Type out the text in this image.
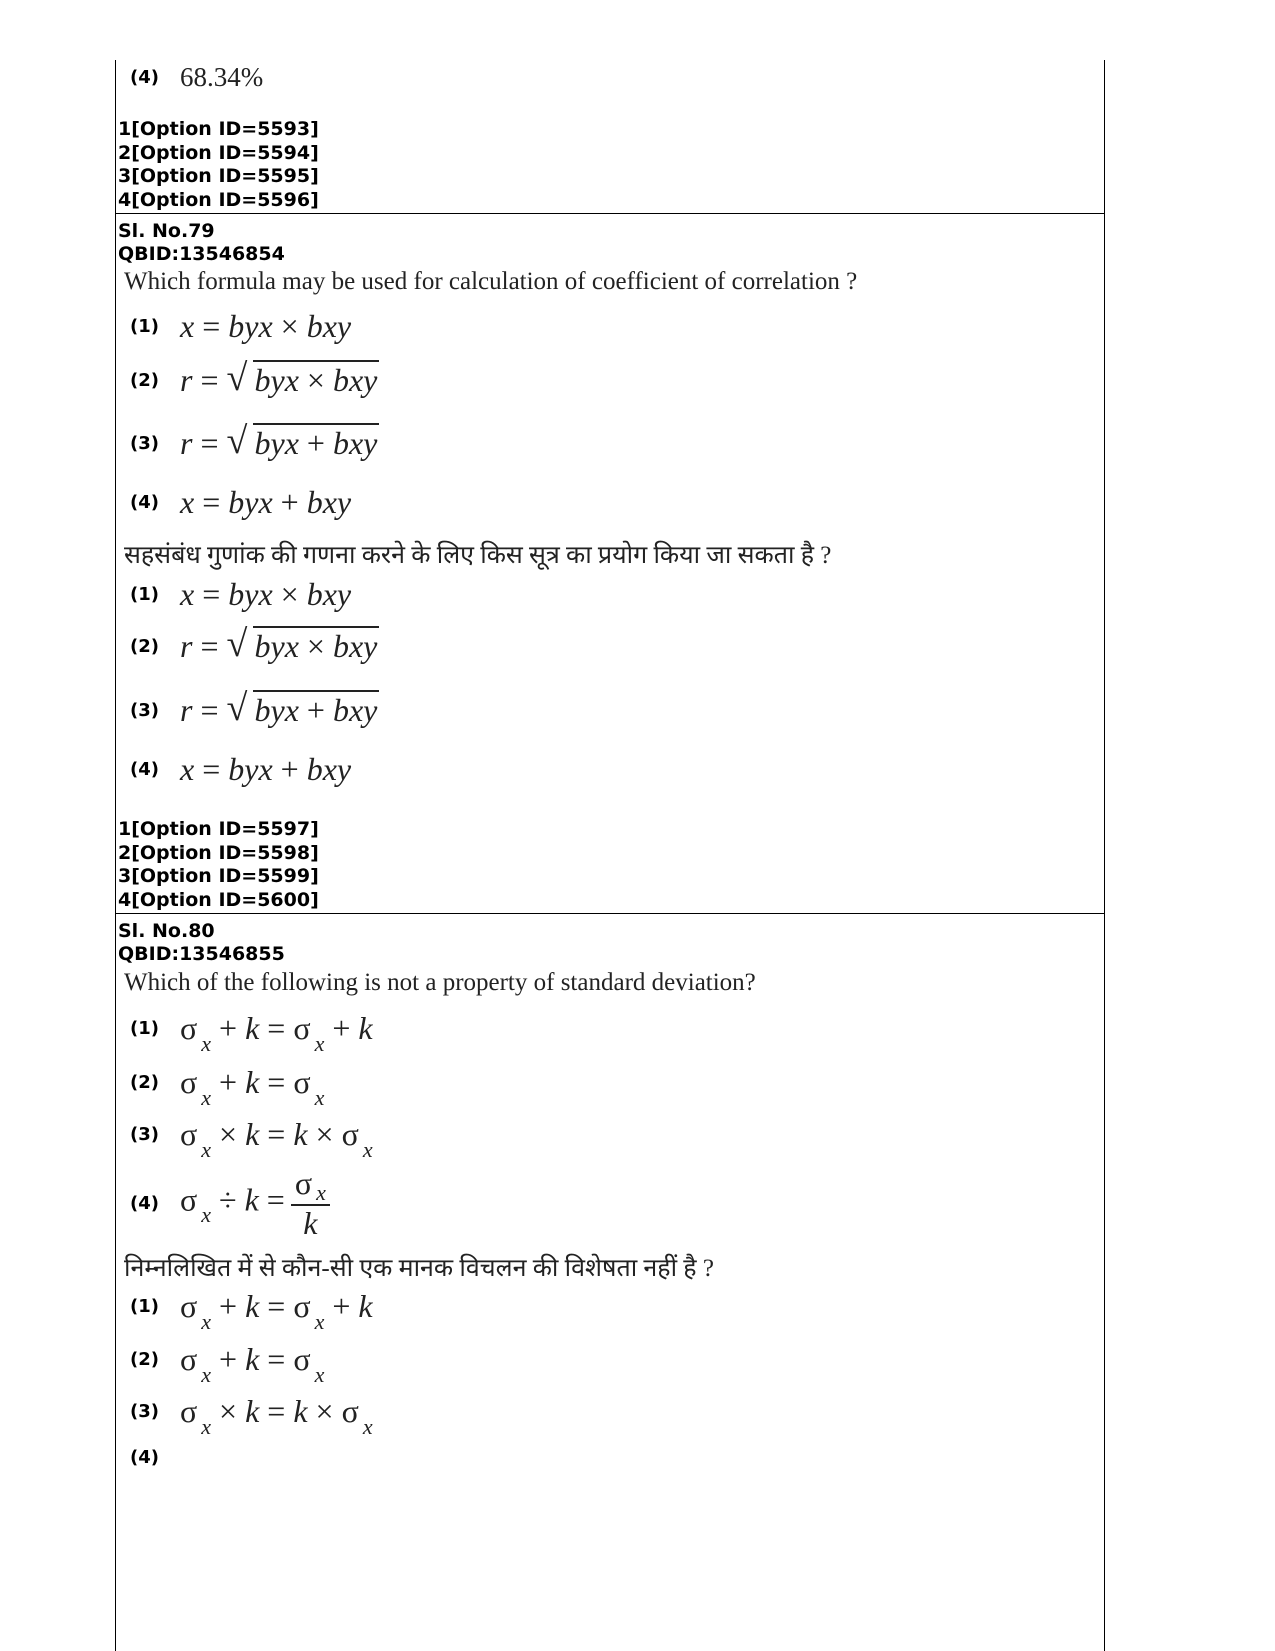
(4) 68.34%
1[Option ID=5593]
2[Option ID=5594]
3[Option ID=5595]
4[Option ID=5596]
Sl. No.79
QBID:13546854
Which formula may be used for calculation of coefficient of correlation ?
(1) x = byx × bxy
(2) r = √ byx × bxy
(3) r = √ byx + bxy
(4) x = byx + bxy
सहसंबंध गुणांक की गणना करने के लिए किस सूत्र का प्रयोग किया जा सकता है ?
(1) x = byx × bxy
(2) r = √ byx × bxy
(3) r = √ byx + bxy
(4) x = byx + bxy
1[Option ID=5597]
2[Option ID=5598]
3[Option ID=5599]
4[Option ID=5600]
Sl. No.80
QBID:13546855
Which of the following is not a property of standard deviation?
(1) σ $_x$ + k = σ $_x$ + k
(2) σ $_x$ + k = σ $_x$
(3) σ $_x$ × k = k × σ $_x$
(4) σ $_x \div k = \frac{\text{σ x}}{k}$
निम्नलिखित में से कौन-सी एक मानक विचलन की विशेषता नहीं है ?
(1) σ $_x$ + k = σ $_x$ + k
(2) σ $_x$ + k = σ $_x$
(3) σ $_x$ × k = k × σ $_x$
(4)
